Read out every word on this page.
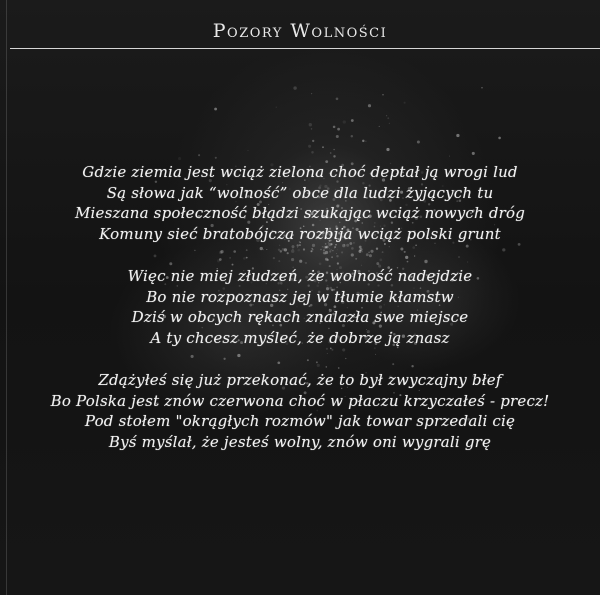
Pozory Wolności
Gdzie ziemia jest wciąż zielona choć deptał ją wrogi lud
Są słowa jak “wolność” obce dla ludzi żyjących tu
Mieszana społeczność błądzi szukając wciąż nowych dróg
Komuny sieć bratobójcza rozbija wciąż polski grunt
Więc nie miej złudzeń, że wolność nadejdzie
Bo nie rozpoznasz jej w tłumie kłamstw
Dziś w obcych rękach znalazła swe miejsce
A ty chcesz myśleć, że dobrze ją znasz
Zdążyłeś się już przekonać, że to był zwyczajny błef
Bo Polska jest znów czerwona choć w płaczu krzyczałeś - precz!
Pod stołem "okrągłych rozmów" jak towar sprzedali cię
Byś myślał, że jesteś wolny, znów oni wygrali grę
